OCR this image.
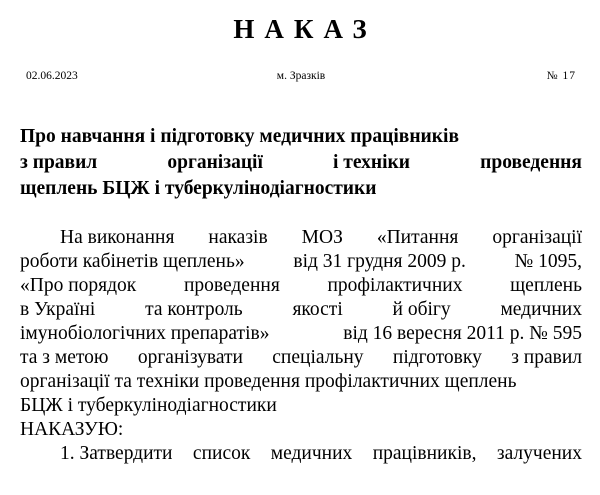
НАКАЗ
02.06.2023	м. Зразків	№ 17
Про навчання і підготовку медичних працівників
з правил	організації	і техніки	проведення
щеплень БЦЖ і туберкулінодіагностики
На виконання наказів МОЗ «Питання організації
роботи кабінетів щеплень»	від 31 грудня 2009 р.	№ 1095,
«Про порядок проведення профілактичних щеплень
в Україні	та контроль	якості	й обігу	медичних
імунобіологічних препаратів»	від 16 вересня 2011 р. № 595
та з метою організувати спеціальну підготовку з правил
організації та техніки проведення профілактичних щеплень
БЦЖ і туберкулінодіагностики
НАКАЗУЮ:
1. Затвердити список медичних працівників, залучених
